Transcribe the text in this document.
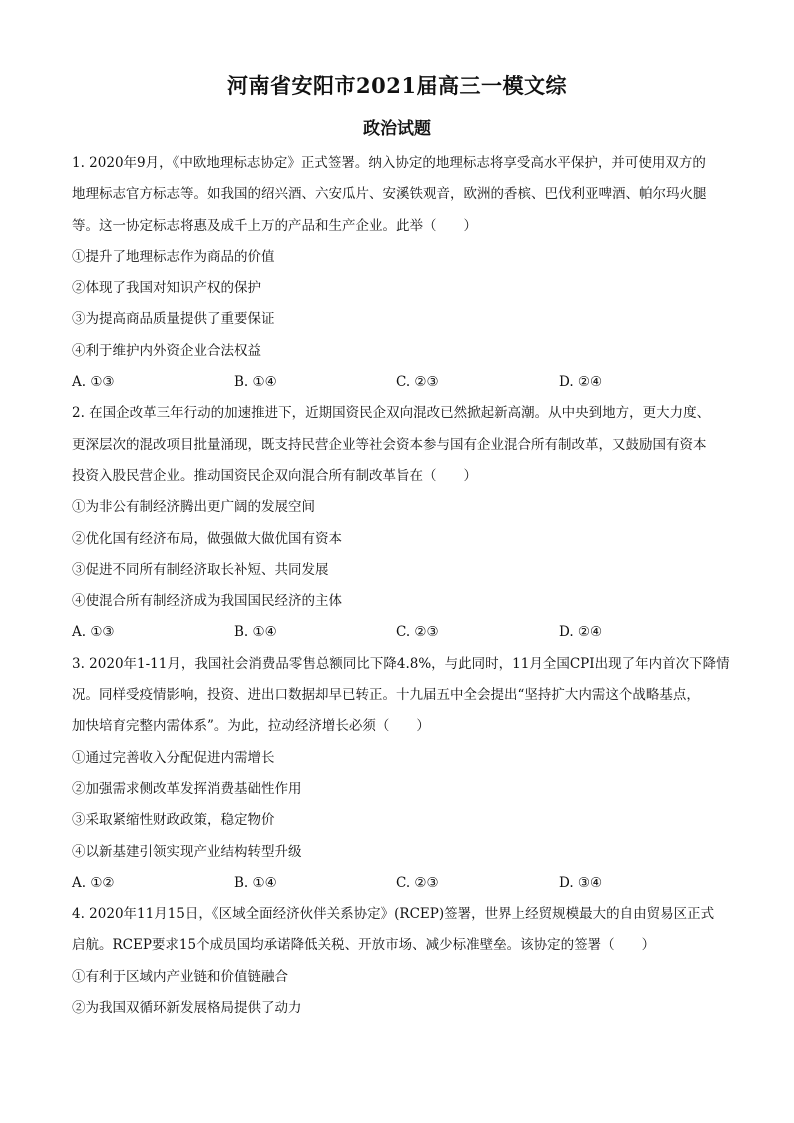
河南省安阳市2021届高三一模文综
政治试题
1. 2020年9月，《中欧地理标志协定》正式签署。纳入协定的地理标志将享受高水平保护，并可使用双方的
地理标志官方标志等。如我国的绍兴酒、六安瓜片、安溪铁观音，欧洲的香槟、巴伐利亚啤酒、帕尔玛火腿
等。这一协定标志将惠及成千上万的产品和生产企业。此举（　　）
①提升了地理标志作为商品的价值
②体现了我国对知识产权的保护
③为提高商品质量提供了重要保证
④利于维护内外资企业合法权益
A. ①③	B. ①④	C. ②③	D. ②④
2. 在国企改革三年行动的加速推进下，近期国资民企双向混改已然掀起新高潮。从中央到地方，更大力度、
更深层次的混改项目批量涌现，既支持民营企业等社会资本参与国有企业混合所有制改革，又鼓励国有资本
投资入股民营企业。推动国资民企双向混合所有制改革旨在（　　）
①为非公有制经济腾出更广阔的发展空间
②优化国有经济布局，做强做大做优国有资本
③促进不同所有制经济取长补短、共同发展
④使混合所有制经济成为我国国民经济的主体
A. ①③	B. ①④	C. ②③	D. ②④
3. 2020年1-11月，我国社会消费品零售总额同比下降4.8%，与此同时，11月全国CPI出现了年内首次下降情
况。同样受疫情影响，投资、进出口数据却早已转正。十九届五中全会提出“坚持扩大内需这个战略基点，
加快培育完整内需体系”。为此，拉动经济增长必须（　　）
①通过完善收入分配促进内需增长
②加强需求侧改革发挥消费基础性作用
③采取紧缩性财政政策，稳定物价
④以新基建引领实现产业结构转型升级
A. ①②	B. ①④	C. ②③	D. ③④
4. 2020年11月15日，《区域全面经济伙伴关系协定》(RCEP)签署，世界上经贸规模最大的自由贸易区正式
启航。RCEP要求15个成员国均承诺降低关税、开放市场、减少标准壁垒。该协定的签署（　　）
①有利于区域内产业链和价值链融合
②为我国双循环新发展格局提供了动力
